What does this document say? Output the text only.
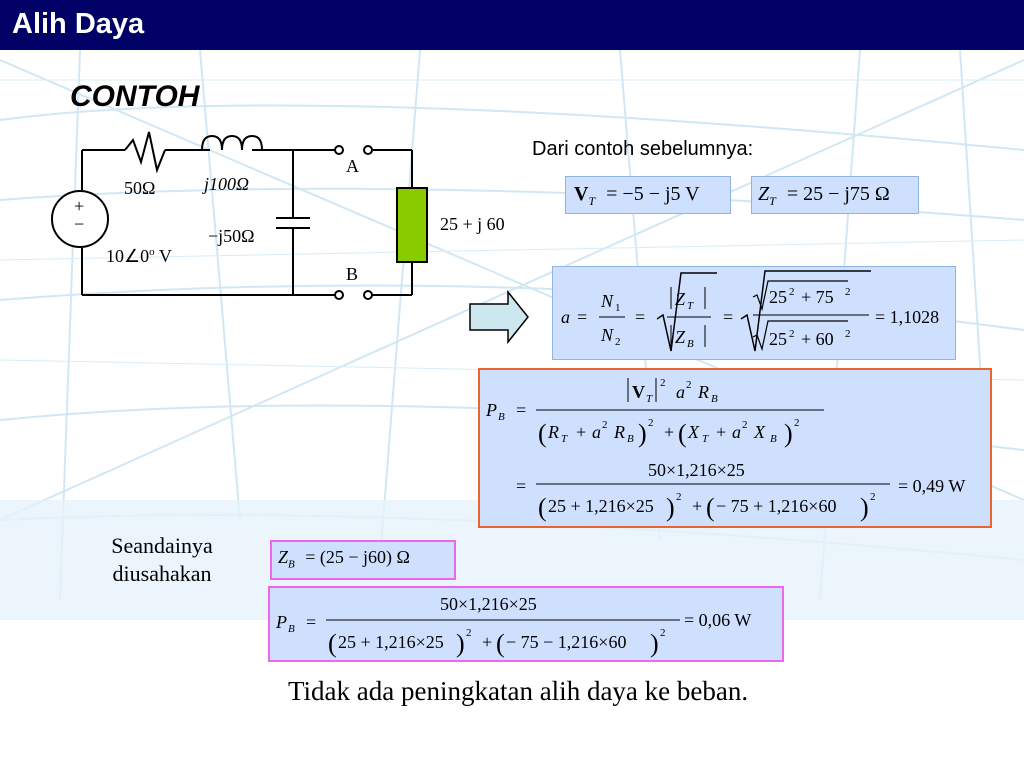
Alih Daya
CONTOH
+
−
50Ω	j100Ω
−j50Ω
10∠0$^o$ V
A
B
25 + j 60
Dari contoh sebelumnya:
$V_T = -5 - j5$ V	$Z_T = 25 - j75$ Ω
a =
N 1
N 2
=
Z T
Z B
=
25 2 + 75 2
25 2 + 60 2
= 1,1028
P B =
V T
2 a 2 R B
( R T + a 2 R B ) 2 + ( X T + a 2 X B ) 2
=
50×1,216×25
( 25 + 1,216×25 ) 2 + ( − 75 + 1,216×60 ) 2
= 0,49 W
Seandainya
diusahakan
$Z_B = (25 - j60)$ Ω
P B =
50×1,216×25
( 25 + 1,216×25 ) 2 + ( − 75 − 1,216×60 ) 2
= 0,06 W
Tidak ada peningkatan alih daya ke beban.
